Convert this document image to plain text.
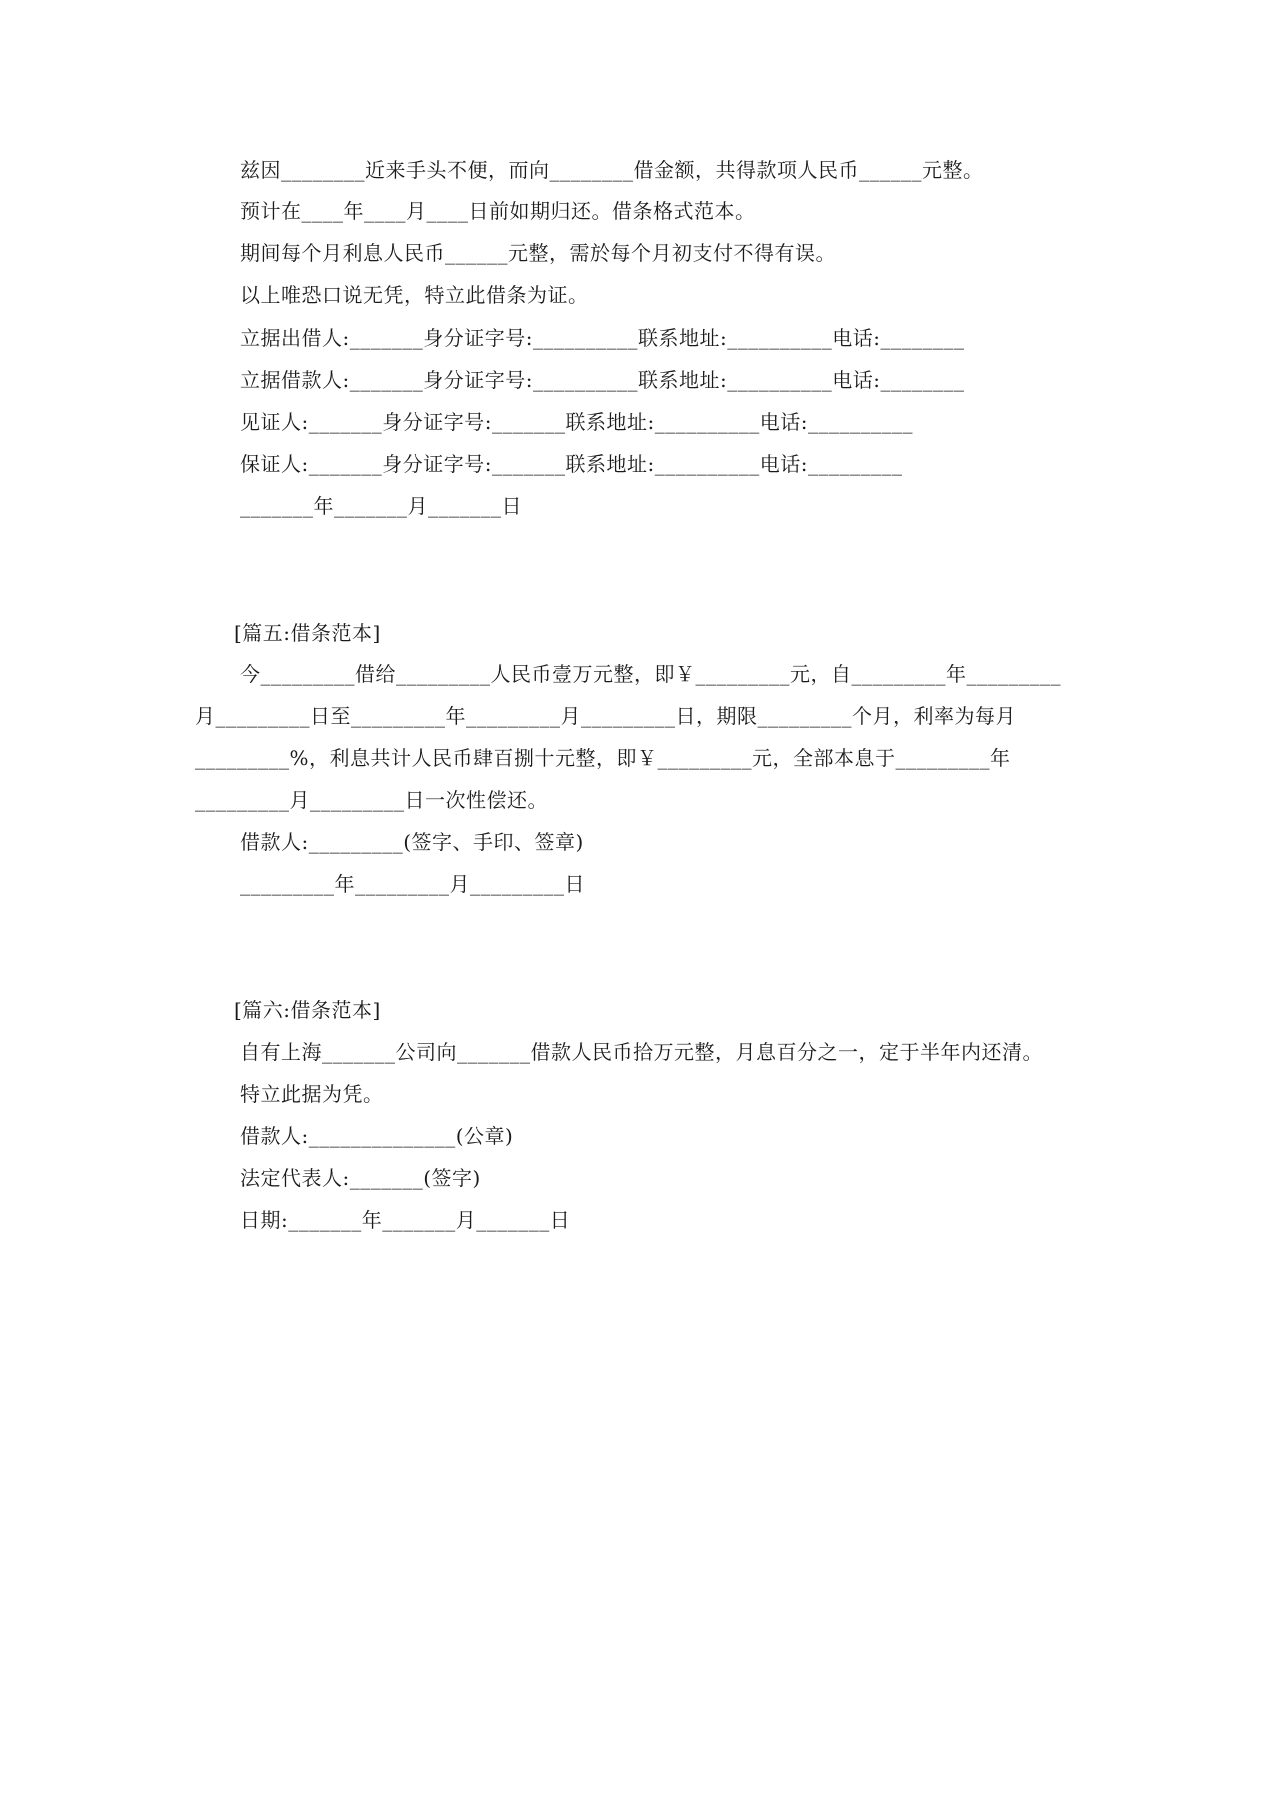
兹因________近来手头不便，而向________借金额，共得款项人民币______元整。
预计在____年____月____日前如期归还。借条格式范本。
期间每个月利息人民币______元整，需於每个月初支付不得有误。
以上唯恐口说无凭，特立此借条为证。
立据出借人:_______身分证字号:__________联系地址:__________电话:________
立据借款人:_______身分证字号:__________联系地址:__________电话:________
见证人:_______身分证字号:_______联系地址:__________电话:__________
保证人:_______身分证字号:_______联系地址:__________电话:_________
_______年_______月_______日
[篇五:借条范本]
今_________借给_________人民币壹万元整，即￥_________元，自_________年_________
月_________日至_________年_________月_________日，期限_________个月，利率为每月
_________%，利息共计人民币肆百捌十元整，即￥_________元，全部本息于_________年
_________月_________日一次性偿还。
借款人:_________(签字、手印、签章)
_________年_________月_________日
[篇六:借条范本]
自有上海_______公司向_______借款人民币拾万元整，月息百分之一，定于半年内还清。
特立此据为凭。
借款人:______________(公章)
法定代表人:_______(签字)
日期:_______年_______月_______日
